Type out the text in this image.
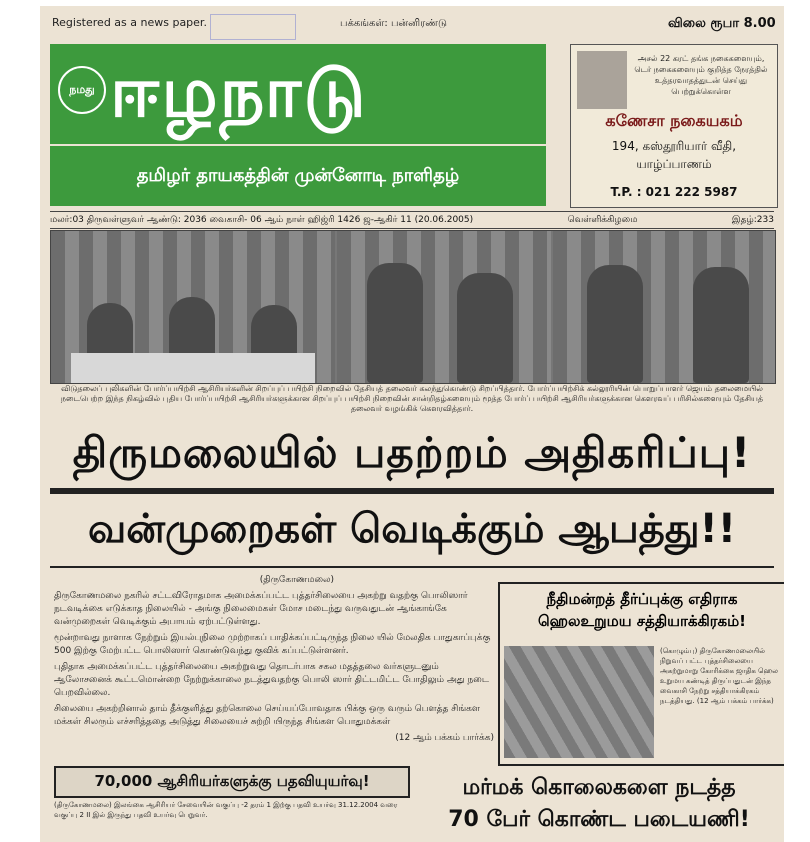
Registered as a news paper.	பக்கங்கள்: பன்னிரண்டு	விலை ரூபா 8.00
நமது ஈழநாடு
தமிழர் தாயகத்தின் முன்னோடி நாளிதழ்
அசல் 22 கரட் தங்க நகைகளையும், டெர் நகைகளையும் குறித்த நேரத்தில் உத்தரவாதத்துடன் செய்து பெற்றுக்கொள்ள
கணேசா நகையகம்
194, கஸ்தூரியார் வீதி,
யாழ்ப்பாணம்
T.P. : 021 222 5987
மலர்:03 திருவள்ளுவர் ஆண்டு: 2036 வைகாசி- 06 ஆம் நாள் ஹிஜ்ரி 1426 ஜ-ஆகிர் 11 (20.06.2005)	வெள்ளிக்கிழமை	இதழ்:233
விடுதலைப் புலிகளின் போர்ப்பயிற்சி ஆசிரியர்களின் சிறப்புப் பயிற்சி நிறைவில் தேசியத் தலைவர் கலந்துகொண்டு சிறப்பித்தார். போர்ப்பயிற்சிக் கல்லூரியின் பொறுப்பாளர் ஜெயம் தலைமையில் நடைபெற்ற இந்த நிகழ்வில் புதிய போர்ப்பயிற்சி ஆசிரியர்களுக்கான சிறப்புப் பயிற்சி நிறைவின் சான்றிதழ்களையும் மூத்த போர்ப் பயிற்சி ஆசிரியர்களுக்கான கௌரவப் பரிசில்களையும் தேசியத் தலைவர் வழங்கிக் கௌரவித்தார்.
திருமலையில் பதற்றம் அதிகரிப்பு!
வன்முறைகள் வெடிக்கும் ஆபத்து!!

(திருகோணமலை)

திருகோணமலை நகரில் சட்டவிரோதமாக அமைக்கப்பட்ட புத்தர்சிலையை அகற்று வதற்கு பொலிஸார் நடவடிக்கை எடுக்காத நிலையில் - அங்கு நிலைமைகள் மோச மடைந்து வருவதுடன் ஆங்காங்கே வன்முறைகள் வெடிக்கும் அபாயம் ஏற்பட்டுள்ளது.

மூன்றாவது நாளாக நேற்றும் இயல்புநிலை முற்றாகப் பாதிக்கப்பட்டிருந்த நிலை யில் மேலதிக பாதுகாப்புக்கு 500 இற்கு மேற்பட்ட பொலிஸார் கொண்டுவந்து குவிக் கப்பட்டுள்ளனர்.

புதிதாக அமைக்கப்பட்ட புத்தர்சிலையை அகற்றுவது தொடர்பாக சகல மதத்தலை வர்களுடனும் ஆலோசனைக் கூட்டமொன்றை நேற்றுக்காலை நடத்துவதற்கு பொலி ஸார் திட்டமிட்ட போதிலும் அது நடை பெறவில்லை.

சிலையை அகற்றினால் தாம் தீக்குளித்து தற்கொலை செய்யப்போவதாக பிக்கு ஒரு வரும் பௌத்த சிங்கள மக்கள் சிலரும் எச்சரித்ததை அடுத்து சிலையைச் சுற்றி யிருந்த சிங்கள பொதுமக்கள்

(12 ஆம் பக்கம் பார்க்க)

நீதிமன்றத் தீர்ப்புக்கு எதிராக
ஹெலஉறுமய சத்தியாக்கிரகம்!
(கொழும்பு) திருகோணமலையில் நிறுவப் பட்ட புத்தர்சிலையை அகற்றுமாறு கோரிக்கை ஜாதிக ஹெல உறுமய கண்டித் திருப்பதுடன் இந்த வைகாசி நேற்று சத்தியாக்கிரகம் நடத்தியது. (12 ஆம் பக்கம் பார்க்க)
70,000 ஆசிரியர்களுக்கு பதவியுயர்வு!
(திருகோணமலை) இலங்கை ஆசிரியர் சேவையின் வகுப்பு -2 தரம் 1 இற்கு பதவி உயர்வு 31.12.2004 வரை வகுப்பு 2 II இல் இருந்து பதவி உயர்வு பெறுவர்.
மர்மக் கொலைகளை நடத்த
70 பேர் கொண்ட படையணி!
